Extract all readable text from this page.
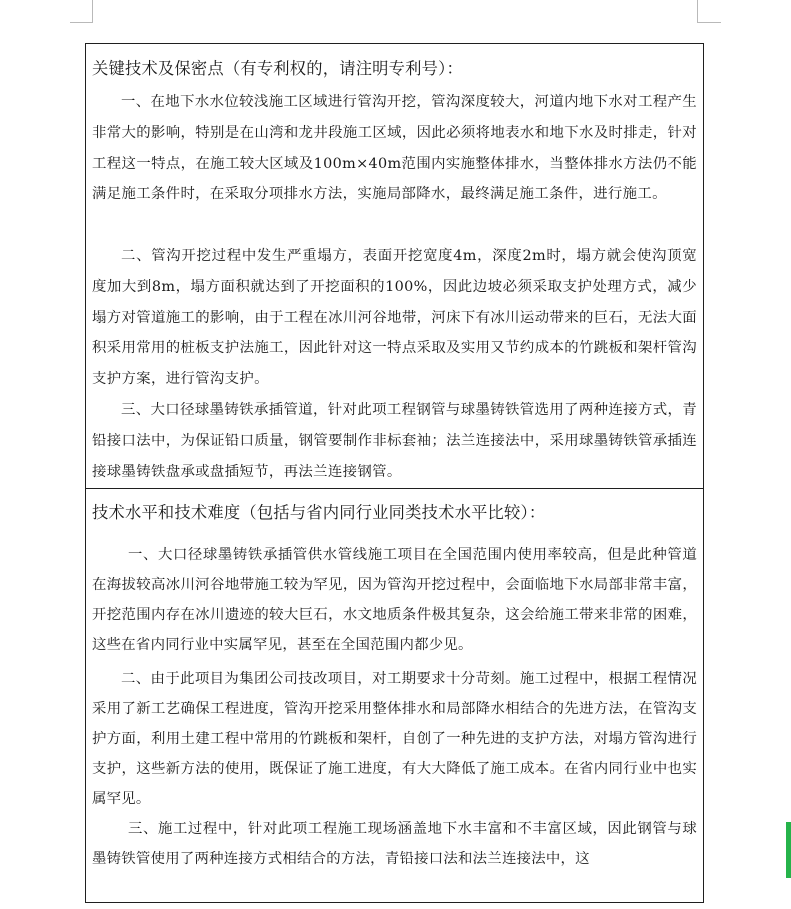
关键技术及保密点（有专利权的，请注明专利号）：

一、在地下水水位较浅施工区域进行管沟开挖，管沟深度较大，河道内地下水对工程产生非常大的影响，特别是在山湾和龙井段施工区域，因此必须将地表水和地下水及时排走，针对工程这一特点，在施工较大区域及100m×40m范围内实施整体排水，当整体排水方法仍不能满足施工条件时，在采取分项排水方法，实施局部降水，最终满足施工条件，进行施工。

二、管沟开挖过程中发生严重塌方，表面开挖宽度4m，深度2m时，塌方就会使沟顶宽度加大到8m，塌方面积就达到了开挖面积的100%，因此边坡必须采取支护处理方式，减少塌方对管道施工的影响，由于工程在冰川河谷地带，河床下有冰川运动带来的巨石，无法大面积采用常用的桩板支护法施工，因此针对这一特点采取及实用又节约成本的竹跳板和架杆管沟支护方案，进行管沟支护。

三、大口径球墨铸铁承插管道，针对此项工程钢管与球墨铸铁管选用了两种连接方式，青铅接口法中，为保证铅口质量，钢管要制作非标套袖；法兰连接法中，采用球墨铸铁管承插连接球墨铸铁盘承或盘插短节，再法兰连接钢管。

技术水平和技术难度（包括与省内同行业同类技术水平比较）：

一、大口径球墨铸铁承插管供水管线施工项目在全国范围内使用率较高，但是此种管道在海拔较高冰川河谷地带施工较为罕见，因为管沟开挖过程中，会面临地下水局部非常丰富，开挖范围内存在冰川遗迹的较大巨石，水文地质条件极其复杂，这会给施工带来非常的困难，这些在省内同行业中实属罕见，甚至在全国范围内都少见。

二、由于此项目为集团公司技改项目，对工期要求十分苛刻。施工过程中，根据工程情况采用了新工艺确保工程进度，管沟开挖采用整体排水和局部降水相结合的先进方法，在管沟支护方面，利用土建工程中常用的竹跳板和架杆，自创了一种先进的支护方法，对塌方管沟进行支护，这些新方法的使用，既保证了施工进度，有大大降低了施工成本。在省内同行业中也实属罕见。

三、施工过程中，针对此项工程施工现场涵盖地下水丰富和不丰富区域，因此钢管与球墨铸铁管使用了两种连接方式相结合的方法，青铅接口法和法兰连接法中，这
